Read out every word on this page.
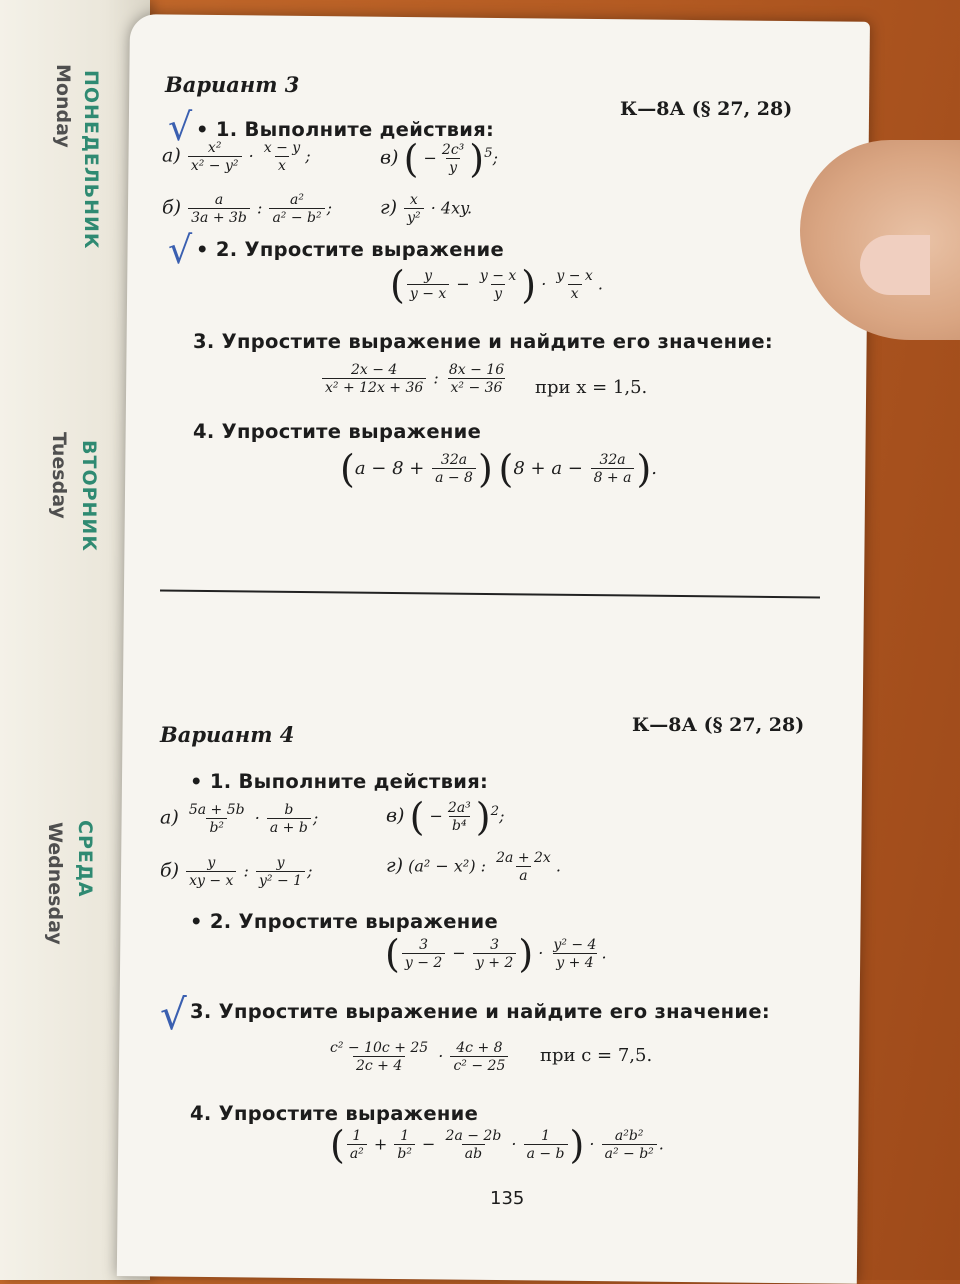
ПОНЕДЕЛЬНИК
Monday
ВТОРНИК
Tuesday
СРЕДА
Wednesday
Вариант 3
К—8А (§ 27, 28)
√ • 1. Выполните действия:
$а) \frac{\text{x²}}{\text{x² − y²}} \cdot \frac{x - y}{x}$ ;	в) ( − $\frac{\text{2c³}}{y} )^5$;
$б) \frac{a}{3a + 3b}$ : $\frac{\text{a²}}{\text{a² − b²}}$ ;	$г) \frac{x}{\text{y²}} \cdot 4xy$.
√ • 2. Упростите выражение
( $\frac{y}{y - x} - \frac{y - x}{y}$ ) · $\frac{y - x}{x}$ .
3. Упростите выражение и найдите его значение:
$\frac{2x - 4}{\text{x² + 12x + 36}}$ : $\frac{8x - 16}{\text{x² − 36}}$ при x = 1,5.
4. Упростите выражение
($a - 8 + \frac{32a}{a - 8}$ ) ($8 + a - \frac{32a}{8 + a}$ ).
Вариант 4	К—8А (§ 27, 28)
• 1. Выполните действия:
$а) \frac{5a + 5b}{\text{b²}} \cdot \frac{b}{a + b}$ ;	в) ( − $\frac{\text{2a³}}{\text{b⁴}} )^2$;
$б) \frac{y}{xy - x}$ : $\frac{y}{\text{y² − 1}}$ ;	г) (a² − x²) : $\frac{2a + 2x}{a}$ .
• 2. Упростите выражение
( $\frac{3}{y - 2} - \frac{3}{y + 2}$ ) · $\frac{\text{y² − 4}}{y + 4}$ .
√ 3. Упростите выражение и найдите его значение:
$\frac{\text{c² − 10c + 25}}{2c + 4} \cdot \frac{4c + 8}{\text{c² − 25}}$ при c = 7,5.
4. Упростите выражение
( $\frac{1}{\text{a²}} + \frac{1}{\text{b²}} - \frac{2a - 2b}{ab} \cdot \frac{1}{a - b}$ ) · $\frac{\text{a²b²}}{\text{a² − b²}}$ .
135
